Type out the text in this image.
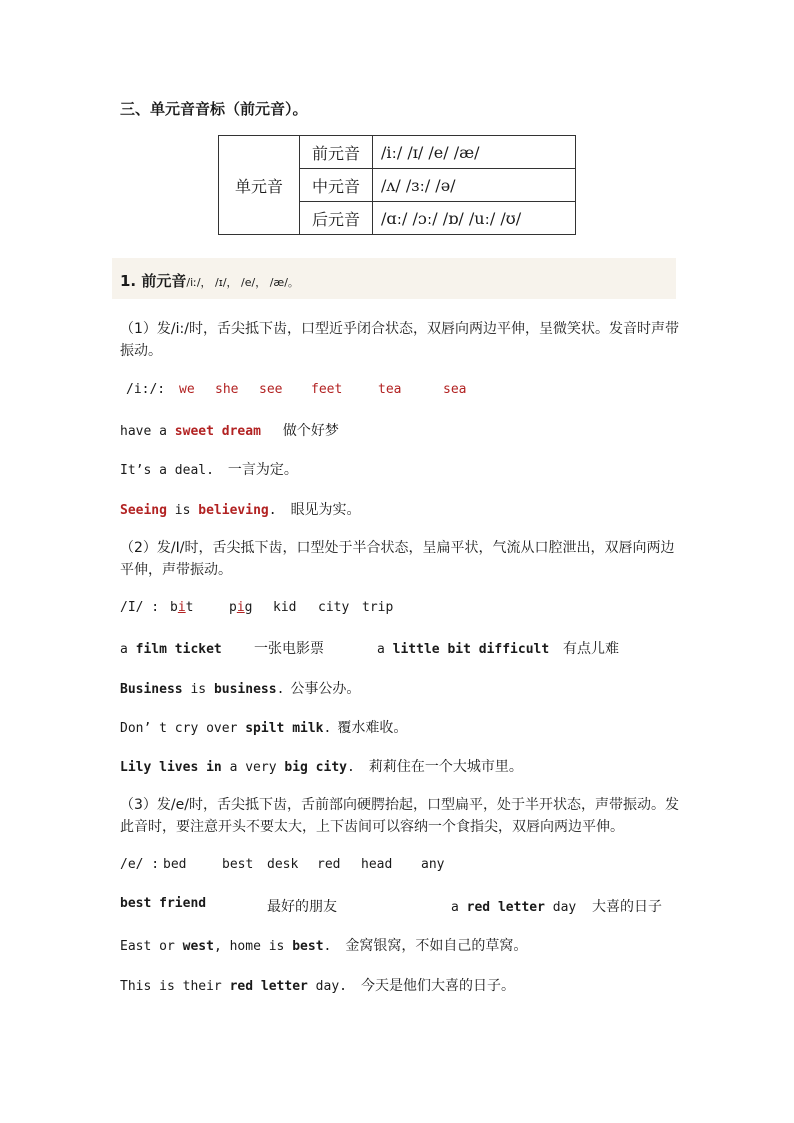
三、单元音音标（前元音）。
单元音	前元音	/iː/ /ɪ/ /e/ /æ/
	中元音	/ʌ/ /ɜː/ /ə/
	后元音	/ɑː/ /ɔː/ /ɒ/ /uː/ /ʊ/
1. 前元音/iː/， /ɪ/， /e/， /æ/。
（1）发/i:/时，舌尖抵下齿，口型近乎闭合状态，双唇向两边平伸，呈微笑状。发音时声带振动。
/i:/: we she see feet	tea	sea
have a sweet dream 做个好梦
It’s a deal. 一言为定。
Seeing is believing. 眼见为实。
（2）发/I/时，舌尖抵下齿，口型处于半合状态，呈扁平状，气流从口腔泄出，双唇向两边平伸，声带振动。
/I/ : bit	pig kid city trip
a film ticket 一张电影票	a little bit difficult 有点儿难
Business is business. 公事公办。
Don’ t cry over spilt milk. 覆水难收。
Lily lives in a very big city. 莉莉住在一个大城市里。
（3）发/e/时，舌尖抵下齿，舌前部向硬腭抬起，口型扁平，处于半开状态，声带振动。发此音时，要注意开头不要太大，上下齿间可以容纳一个食指尖，双唇向两边平伸。
/e/ : bed	best desk red head any
best friend	最好的朋友	a red letter day 大喜的日子
East or west, home is best. 金窝银窝，不如自己的草窝。
This is their red letter day. 今天是他们大喜的日子。
